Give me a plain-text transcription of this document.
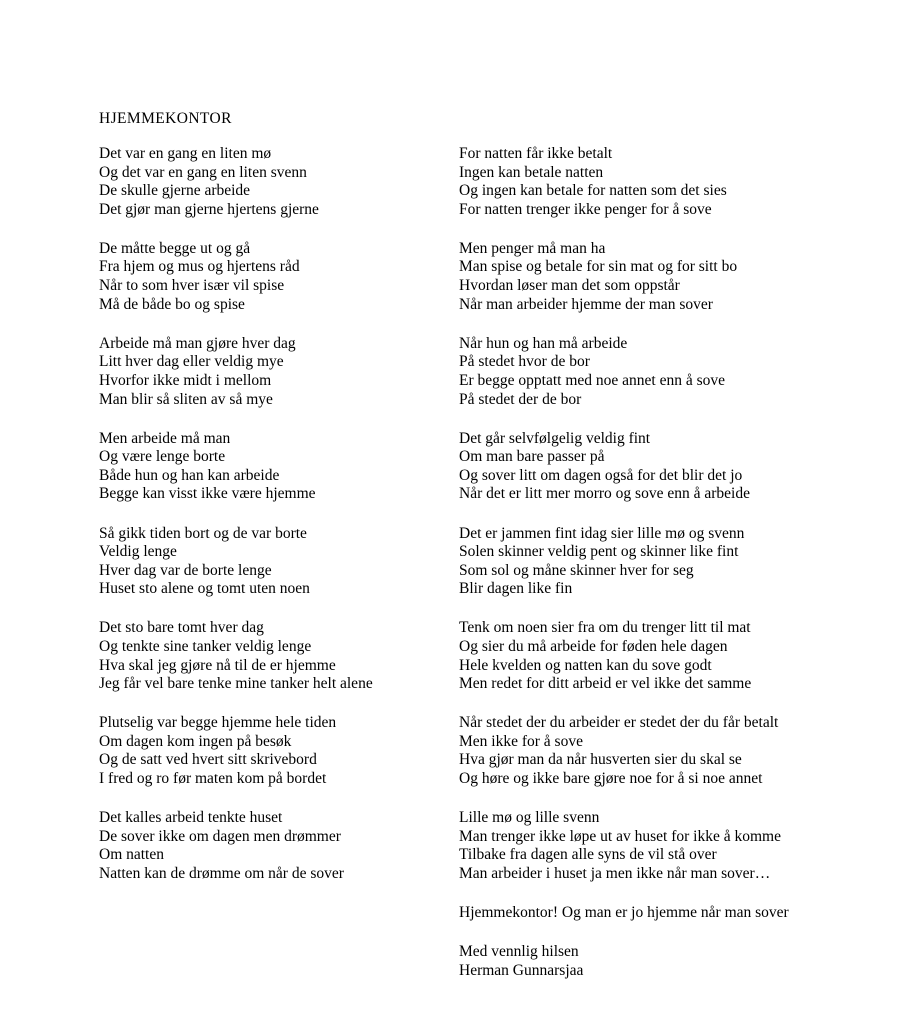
HJEMMEKONTOR
Det var en gang en liten mø
Og det var en gang en liten svenn
De skulle gjerne arbeide
Det gjør man gjerne hjertens gjerne
De måtte begge ut og gå
Fra hjem og mus og hjertens råd
Når to som hver især vil spise
Må de både bo og spise
Arbeide må man gjøre hver dag
Litt hver dag eller veldig mye
Hvorfor ikke midt i mellom
Man blir så sliten av så mye
Men arbeide må man
Og være lenge borte
Både hun og han kan arbeide
Begge kan visst ikke være hjemme
Så gikk tiden bort og de var borte
Veldig lenge
Hver dag var de borte lenge
Huset sto alene og tomt uten noen
Det sto bare tomt hver dag
Og tenkte sine tanker veldig lenge
Hva skal jeg gjøre nå til de er hjemme
Jeg får vel bare tenke mine tanker helt alene
Plutselig var begge hjemme hele tiden
Om dagen kom ingen på besøk
Og de satt ved hvert sitt skrivebord
I fred og ro før maten kom på bordet
Det kalles arbeid tenkte huset
De sover ikke om dagen men drømmer
Om natten
Natten kan de drømme om når de sover
For natten får ikke betalt
Ingen kan betale natten
Og ingen kan betale for natten som det sies
For natten trenger ikke penger for å sove
Men penger må man ha
Man spise og betale for sin mat og for sitt bo
Hvordan løser man det som oppstår
Når man arbeider hjemme der man sover
Når hun og han må arbeide
På stedet hvor de bor
Er begge opptatt med noe annet enn å sove
På stedet der de bor
Det går selvfølgelig veldig fint
Om man bare passer på
Og sover litt om dagen også for det blir det jo
Når det er litt mer morro og sove enn å arbeide
Det er jammen fint idag sier lille mø og svenn
Solen skinner veldig pent og skinner like fint
Som sol og måne skinner hver for seg
Blir dagen like fin
Tenk om noen sier fra om du trenger litt til mat
Og sier du må arbeide for føden hele dagen
Hele kvelden og natten kan du sove godt
Men redet for ditt arbeid er vel ikke det samme
Når stedet der du arbeider er stedet der du får betalt
Men ikke for å sove
Hva gjør man da når husverten sier du skal se
Og høre og ikke bare gjøre noe for å si noe annet
Lille mø og lille svenn
Man trenger ikke løpe ut av huset for ikke å komme
Tilbake fra dagen alle syns de vil stå over
Man arbeider i huset ja men ikke når man sover…
Hjemmekontor! Og man er jo hjemme når man sover
Med vennlig hilsen
Herman Gunnarsjaa
